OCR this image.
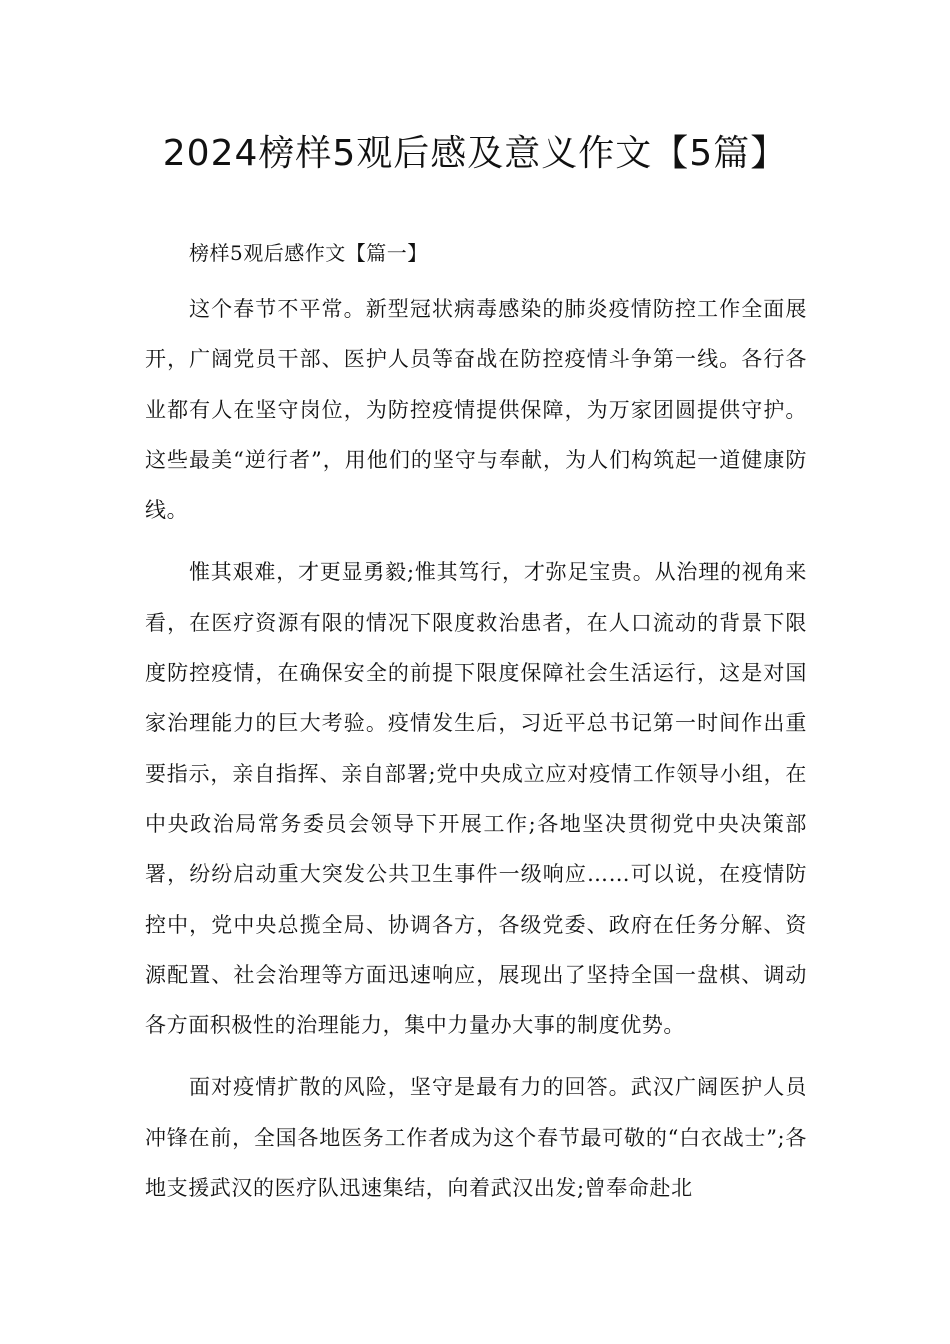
2024榜样5观后感及意义作文【5篇】

榜样5观后感作文【篇一】

这个春节不平常。新型冠状病毒感染的肺炎疫情防控工作全面展开，广阔党员干部、医护人员等奋战在防控疫情斗争第一线。各行各业都有人在坚守岗位，为防控疫情提供保障，为万家团圆提供守护。这些最美“逆行者”，用他们的坚守与奉献，为人们构筑起一道健康防线。

惟其艰难，才更显勇毅;惟其笃行，才弥足宝贵。从治理的视角来看，在医疗资源有限的情况下限度救治患者，在人口流动的背景下限度防控疫情，在确保安全的前提下限度保障社会生活运行，这是对国家治理能力的巨大考验。疫情发生后，习近平总书记第一时间作出重要指示，亲自指挥、亲自部署;党中央成立应对疫情工作领导小组，在中央政治局常务委员会领导下开展工作;各地坚决贯彻党中央决策部署，纷纷启动重大突发公共卫生事件一级响应……可以说，在疫情防控中，党中央总揽全局、协调各方，各级党委、政府在任务分解、资源配置、社会治理等方面迅速响应，展现出了坚持全国一盘棋、调动各方面积极性的治理能力，集中力量办大事的制度优势。

面对疫情扩散的风险，坚守是最有力的回答。武汉广阔医护人员冲锋在前，全国各地医务工作者成为这个春节最可敬的“白衣战士”;各地支援武汉的医疗队迅速集结，向着武汉出发;曾奉命赴北
